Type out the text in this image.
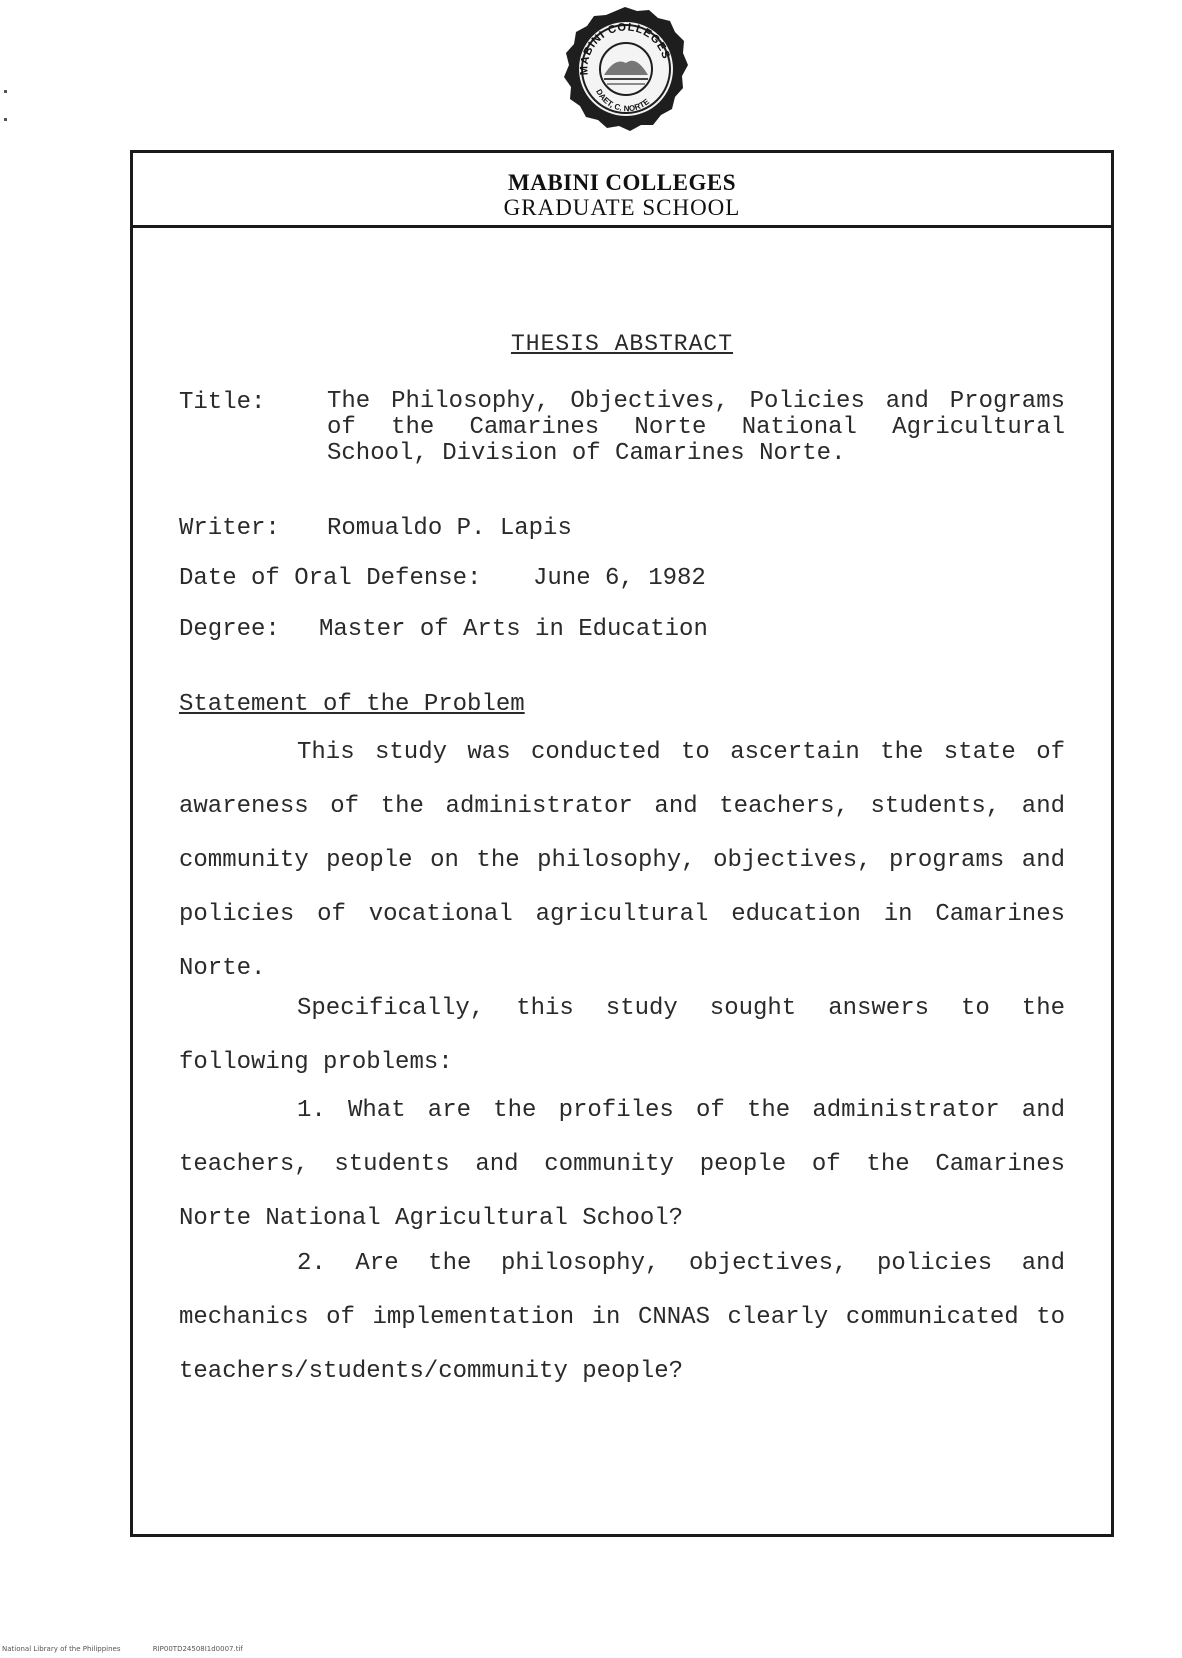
MABINI COLLEGES
DAET, C. NORTE
MABINI COLLEGES
GRADUATE SCHOOL
THESIS ABSTRACT
Title:	The Philosophy, Objectives, Policies and Programs of the Camarines Norte National Agricultural School, Division of Camarines Norte.
Writer: Romualdo P. Lapis
Date of Oral Defense: June 6, 1982
Degree: Master of Arts in Education
Statement of the Problem
This study was conducted to ascertain the state of awareness of the administrator and teachers, students, and community people on the philosophy, objectives, programs and policies of vocational agricultural education in Camarines Norte.
Specifically, this study sought answers to the following problems:
1. What are the profiles of the administrator and teachers, students and community people of the Camarines Norte National Agricultural School?
2. Are the philosophy, objectives, policies and mechanics of implementation in CNNAS clearly communicated to teachers/students/community people?
National Library of the Philippines	RIP00TD24508I1d0007.tif
